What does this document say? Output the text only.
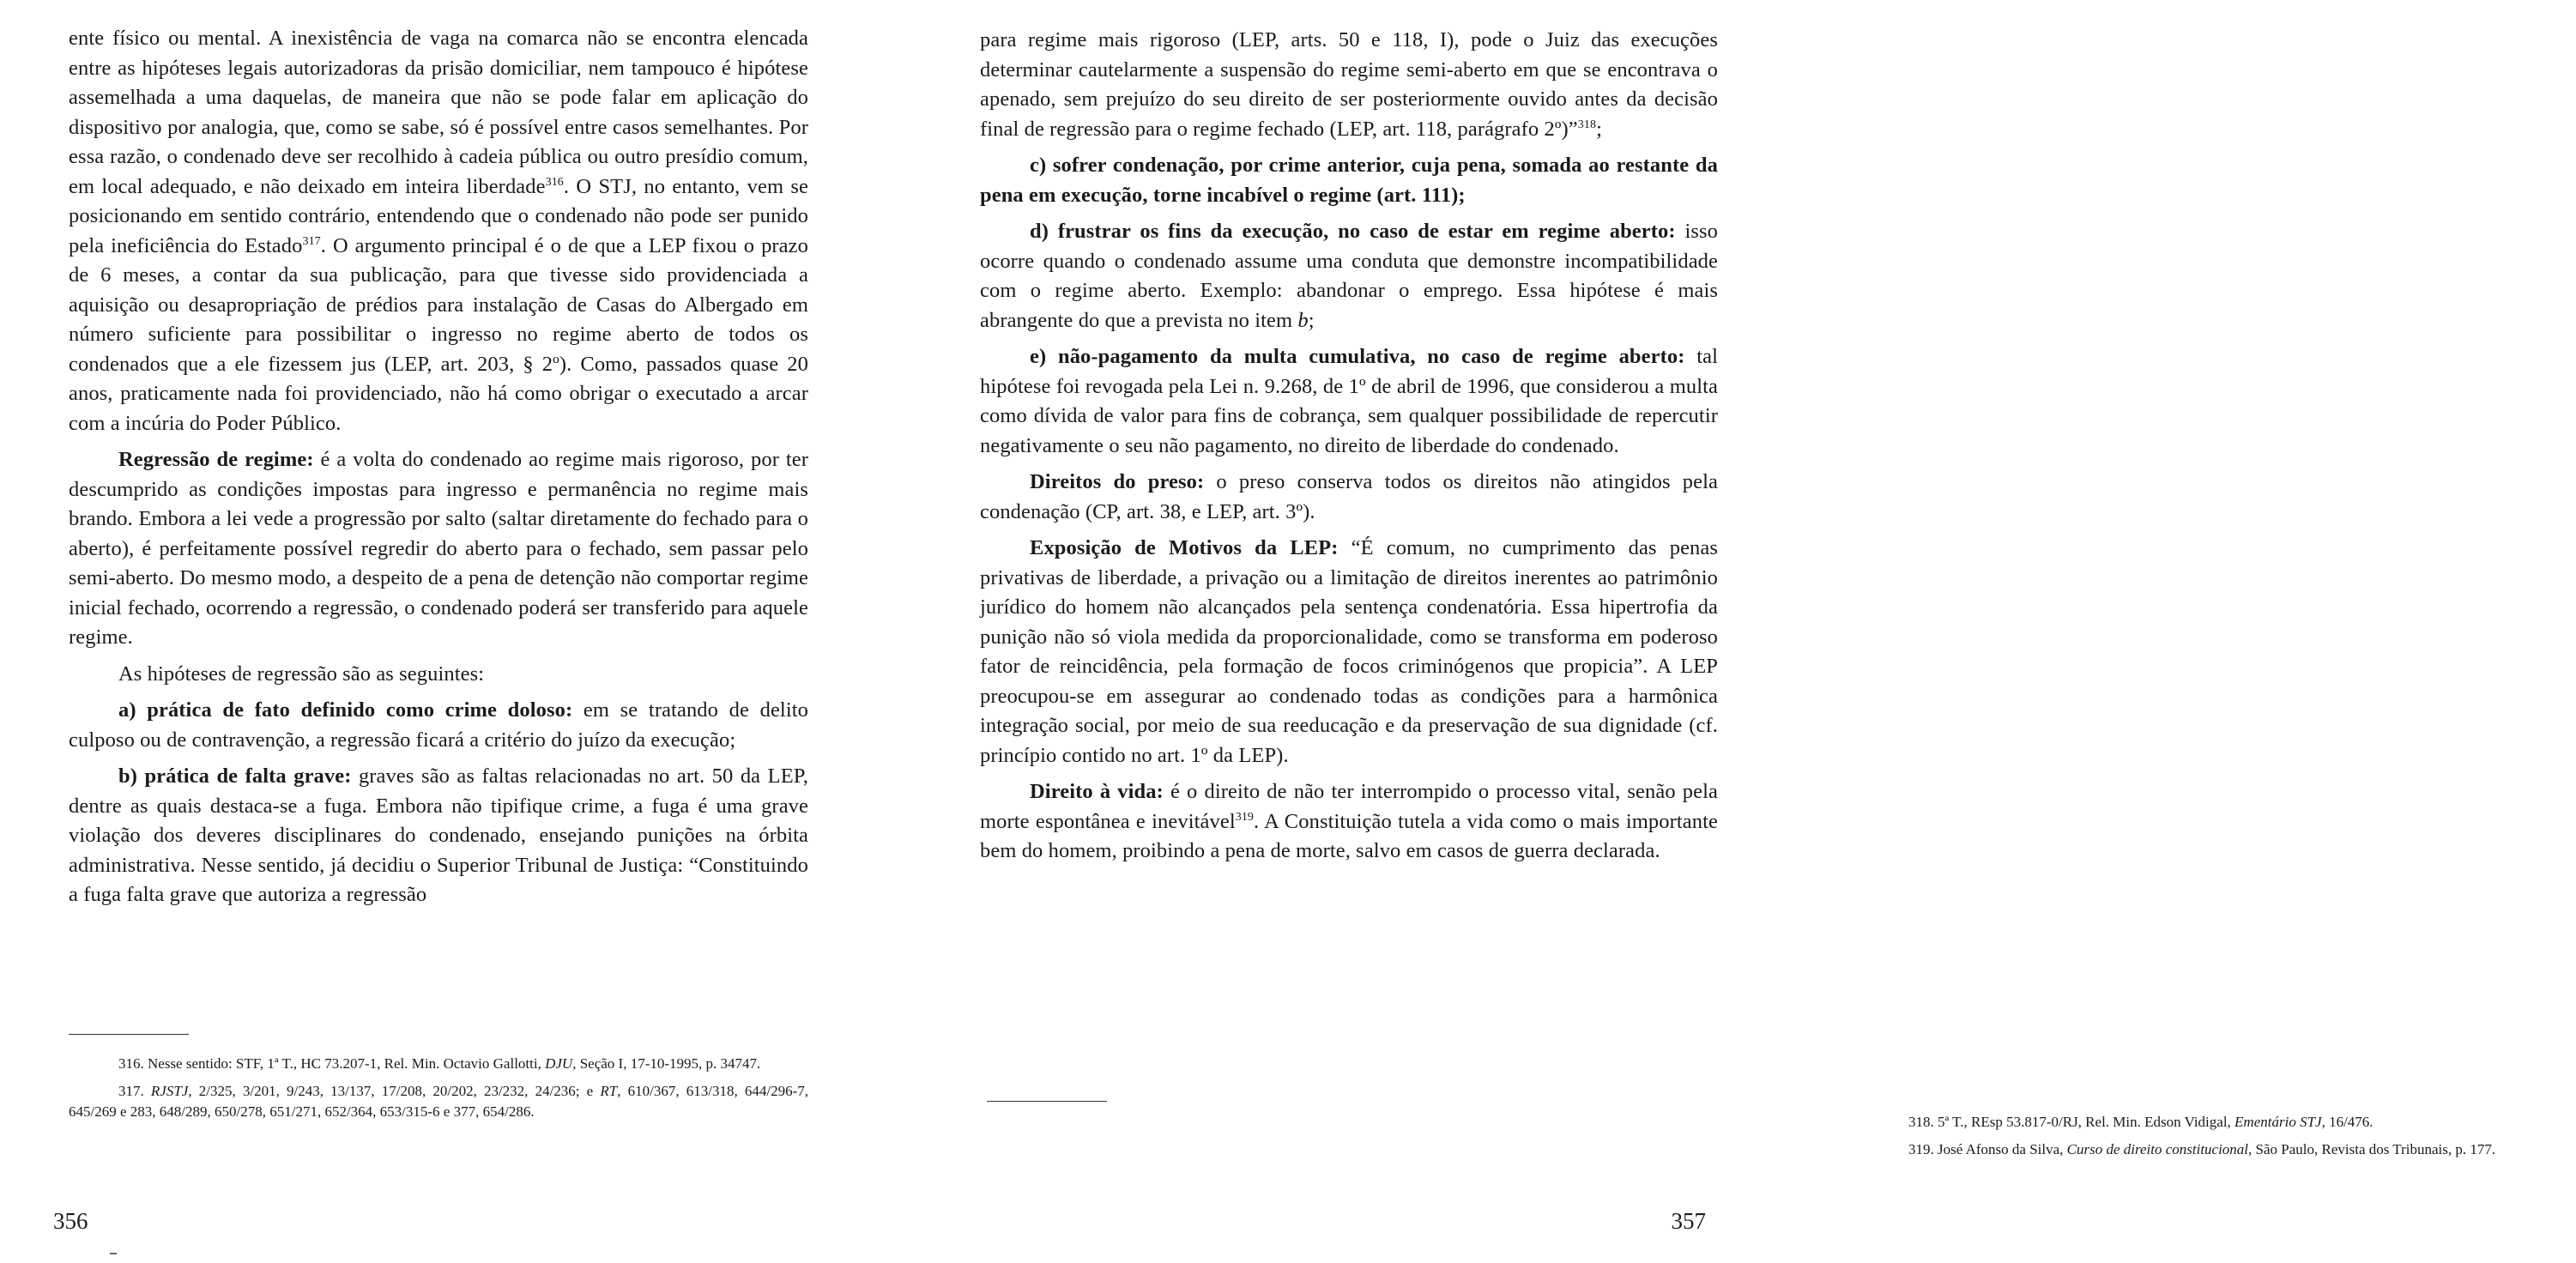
ente físico ou mental. A inexistência de vaga na comarca não se encontra elencada entre as hipóteses legais autorizadoras da prisão domiciliar, nem tampouco é hipótese assemelhada a uma daquelas, de maneira que não se pode falar em aplicação do dispositivo por analogia, que, como se sabe, só é possível entre casos semelhantes. Por essa razão, o condenado deve ser recolhido à cadeia pública ou outro presídio comum, em local adequado, e não deixado em inteira liberdade$^{316}$. O STJ, no entanto, vem se posicionando em sentido contrário, entendendo que o condenado não pode ser punido pela ineficiência do Estado$^{317}$. O argumento principal é o de que a LEP fixou o prazo de 6 meses, a contar da sua publicação, para que tivesse sido providenciada a aquisição ou desapropriação de prédios para instalação de Casas do Albergado em número suficiente para possibilitar o ingresso no regime aberto de todos os condenados que a ele fizessem jus (LEP, art. 203, § 2º). Como, passados quase 20 anos, praticamente nada foi providenciado, não há como obrigar o executado a arcar com a incúria do Poder Público.

Regressão de regime: é a volta do condenado ao regime mais rigoroso, por ter descumprido as condições impostas para ingresso e permanência no regime mais brando. Embora a lei vede a progressão por salto (saltar diretamente do fechado para o aberto), é perfeitamente possível regredir do aberto para o fechado, sem passar pelo semi-aberto. Do mesmo modo, a despeito de a pena de detenção não comportar regime inicial fechado, ocorrendo a regressão, o condenado poderá ser transferido para aquele regime.

As hipóteses de regressão são as seguintes:

a) prática de fato definido como crime doloso: em se tratando de delito culposo ou de contravenção, a regressão ficará a critério do juízo da execução;

b) prática de falta grave: graves são as faltas relacionadas no art. 50 da LEP, dentre as quais destaca-se a fuga. Embora não tipifique crime, a fuga é uma grave violação dos deveres disciplinares do condenado, ensejando punições na órbita administrativa. Nesse sentido, já decidiu o Superior Tribunal de Justiça: “Constituindo a fuga falta grave que autoriza a regressão

316. Nesse sentido: STF, 1ª T., HC 73.207-1, Rel. Min. Octavio Gallotti, DJU, Seção I, 17-10-1995, p. 34747.

317. RJSTJ, 2/325, 3/201, 9/243, 13/137, 17/208, 20/202, 23/232, 24/236; e RT, 610/367, 613/318, 644/296-7, 645/269 e 283, 648/289, 650/278, 651/271, 652/364, 653/315-6 e 377, 654/286.

356

para regime mais rigoroso (LEP, arts. 50 e 118, I), pode o Juiz das execuções determinar cautelarmente a suspensão do regime semi-aberto em que se encontrava o apenado, sem prejuízo do seu direito de ser posteriormente ouvido antes da decisão final de regressão para o regime fechado (LEP, art. 118, parágrafo 2º)”$^{318}$;

c) sofrer condenação, por crime anterior, cuja pena, somada ao restante da pena em execução, torne incabível o regime (art. 111);

d) frustrar os fins da execução, no caso de estar em regime aberto: isso ocorre quando o condenado assume uma conduta que demonstre incompatibilidade com o regime aberto. Exemplo: abandonar o emprego. Essa hipótese é mais abrangente do que a prevista no item b;

e) não-pagamento da multa cumulativa, no caso de regime aberto: tal hipótese foi revogada pela Lei n. 9.268, de 1º de abril de 1996, que considerou a multa como dívida de valor para fins de cobrança, sem qualquer possibilidade de repercutir negativamente o seu não pagamento, no direito de liberdade do condenado.

Direitos do preso: o preso conserva todos os direitos não atingidos pela condenação (CP, art. 38, e LEP, art. 3º).

Exposição de Motivos da LEP: “É comum, no cumprimento das penas privativas de liberdade, a privação ou a limitação de direitos inerentes ao patrimônio jurídico do homem não alcançados pela sentença condenatória. Essa hipertrofia da punição não só viola medida da proporcionalidade, como se transforma em poderoso fator de reincidência, pela formação de focos criminógenos que propicia”. A LEP preocupou-se em assegurar ao condenado todas as condições para a harmônica integração social, por meio de sua reeducação e da preservação de sua dignidade (cf. princípio contido no art. 1º da LEP).

Direito à vida: é o direito de não ter interrompido o processo vital, senão pela morte espontânea e inevitável$^{319}$. A Constituição tutela a vida como o mais importante bem do homem, proibindo a pena de morte, salvo em casos de guerra declarada.

318. 5ª T., REsp 53.817-0/RJ, Rel. Min. Edson Vidigal, Ementário STJ, 16/476.

319. José Afonso da Silva, Curso de direito constitucional, São Paulo, Revista dos Tribunais, p. 177.

357
